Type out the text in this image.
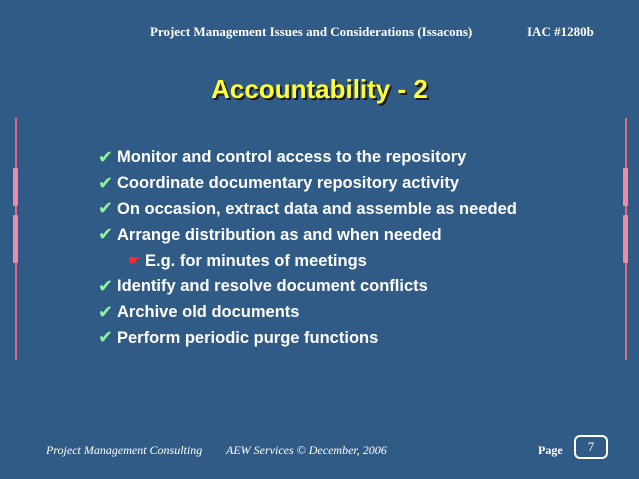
Project Management Issues and Considerations (Issacons)	IAC #1280b
Accountability - 2
✔ Monitor and control access to the repository
✔ Coordinate documentary repository activity
✔ On occasion, extract data and assemble as needed
✔ Arrange distribution as and when needed
☛ E.g. for minutes of meetings
✔ Identify and resolve document conflicts
✔ Archive old documents
✔ Perform periodic purge functions
Project Management Consulting AEW Services © December, 2006	Page 7
